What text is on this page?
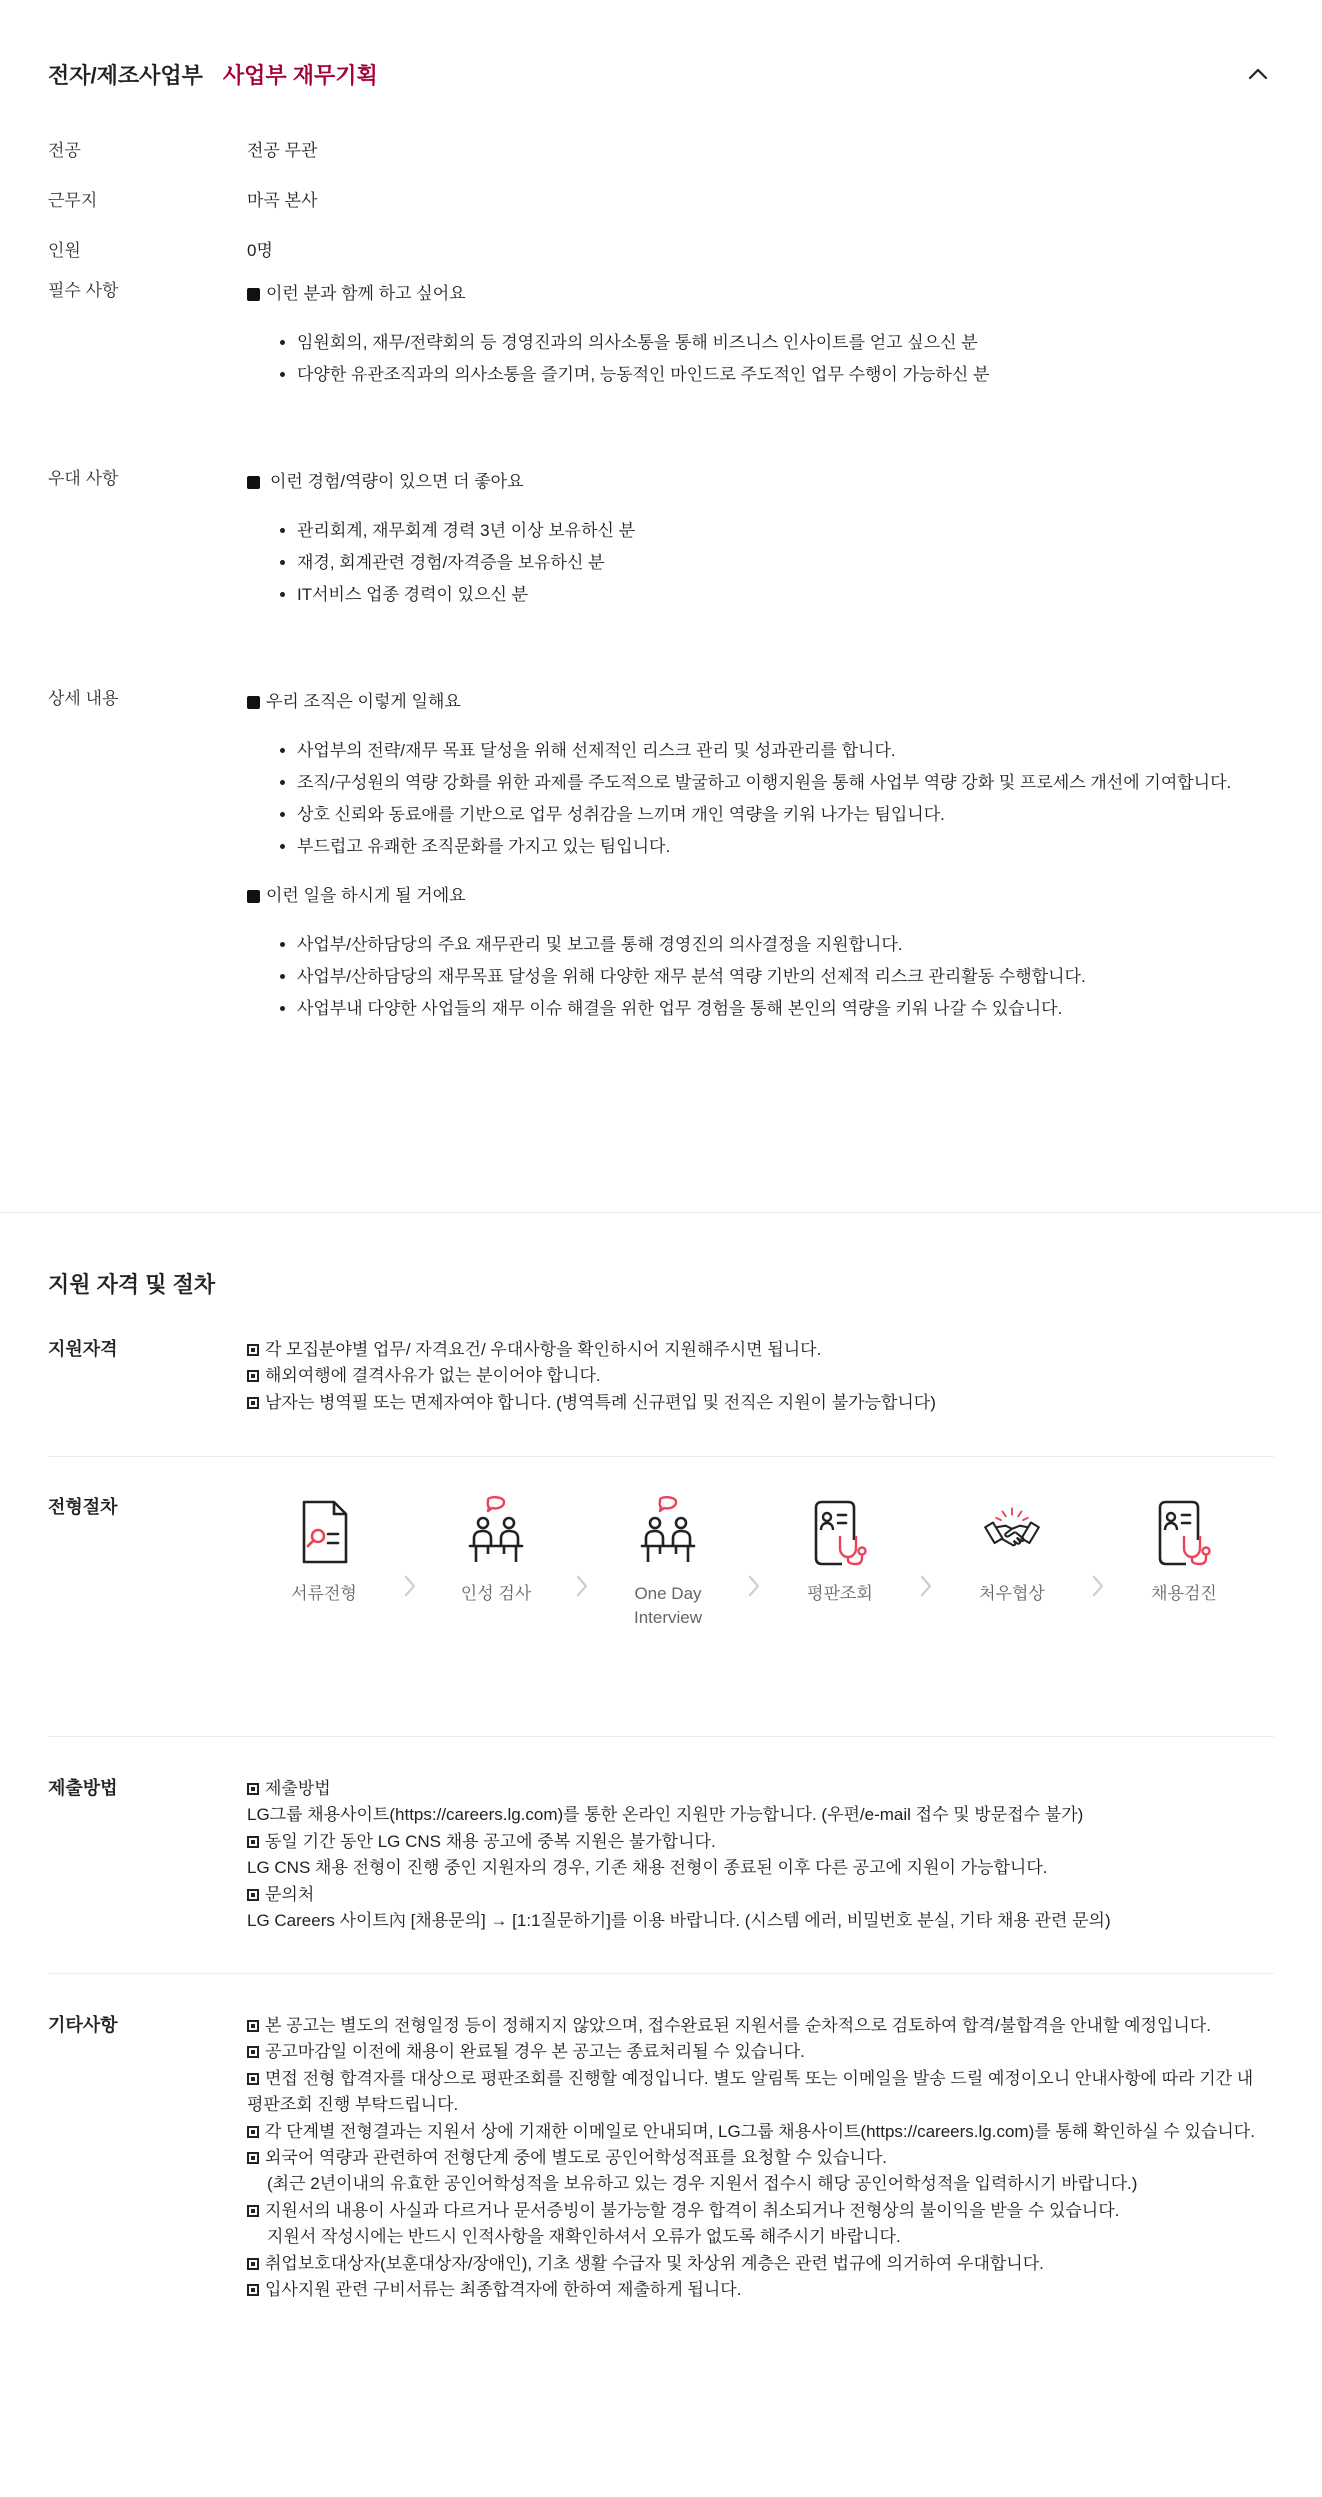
전자/제조사업부 사업부 재무기획
전공	전공 무관
근무지	마곡 본사
인원	0명
필수 사항	이런 분과 함께 하고 싶어요
• 임원회의, 재무/전략회의 등 경영진과의 의사소통을 통해 비즈니스 인사이트를 얻고 싶으신 분
• 다양한 유관조직과의 의사소통을 즐기며, 능동적인 마인드로 주도적인 업무 수행이 가능하신 분
우대 사항	이런 경험/역량이 있으면 더 좋아요
• 관리회계, 재무회계 경력 3년 이상 보유하신 분
• 재경, 회계관련 경험/자격증을 보유하신 분
• IT서비스 업종 경력이 있으신 분
상세 내용	우리 조직은 이렇게 일해요
• 사업부의 전략/재무 목표 달성을 위해 선제적인 리스크 관리 및 성과관리를 합니다.
• 조직/구성원의 역량 강화를 위한 과제를 주도적으로 발굴하고 이행지원을 통해 사업부 역량 강화 및 프로세스 개선에 기여합니다.
• 상호 신뢰와 동료애를 기반으로 업무 성취감을 느끼며 개인 역량을 키워 나가는 팀입니다.
• 부드럽고 유쾌한 조직문화를 가지고 있는 팀입니다.
이런 일을 하시게 될 거에요
• 사업부/산하담당의 주요 재무관리 및 보고를 통해 경영진의 의사결정을 지원합니다.
• 사업부/산하담당의 재무목표 달성을 위해 다양한 재무 분석 역량 기반의 선제적 리스크 관리활동 수행합니다.
• 사업부내 다양한 사업들의 재무 이슈 해결을 위한 업무 경험을 통해 본인의 역량을 키워 나갈 수 있습니다.
지원 자격 및 절차
지원자격	각 모집분야별 업무/ 자격요건/ 우대사항을 확인하시어 지원해주시면 됩니다.
해외여행에 결격사유가 없는 분이어야 합니다.
남자는 병역필 또는 면제자여야 합니다. (병역특례 신규편입 및 전직은 지원이 불가능합니다)
전형절차
서류전형	인성 검사	One Day Interview
평판조회	처우협상	채용검진
제출방법	제출방법
LG그룹 채용사이트(https://careers.lg.com)를 통한 온라인 지원만 가능합니다. (우편/e-mail 접수 및 방문접수 불가)
동일 기간 동안 LG CNS 채용 공고에 중복 지원은 불가합니다.
LG CNS 채용 전형이 진행 중인 지원자의 경우, 기존 채용 전형이 종료된 이후 다른 공고에 지원이 가능합니다.
문의처
LG Careers 사이트內 [채용문의] → [1:1질문하기]를 이용 바랍니다. (시스템 에러, 비밀번호 분실, 기타 채용 관련 문의)
기타사항	본 공고는 별도의 전형일정 등이 정해지지 않았으며, 접수완료된 지원서를 순차적으로 검토하여 합격/불합격을 안내할 예정입니다.
공고마감일 이전에 채용이 완료될 경우 본 공고는 종료처리될 수 있습니다.
면접 전형 합격자를 대상으로 평판조회를 진행할 예정입니다. 별도 알림톡 또는 이메일을 발송 드릴 예정이오니 안내사항에 따라 기간 내 평판조회 진행 부탁드립니다.
각 단계별 전형결과는 지원서 상에 기재한 이메일로 안내되며, LG그룹 채용사이트(https://careers.lg.com)를 통해 확인하실 수 있습니다.
외국어 역량과 관련하여 전형단계 중에 별도로 공인어학성적표를 요청할 수 있습니다.
(최근 2년이내의 유효한 공인어학성적을 보유하고 있는 경우 지원서 접수시 해당 공인어학성적을 입력하시기 바랍니다.)
지원서의 내용이 사실과 다르거나 문서증빙이 불가능할 경우 합격이 취소되거나 전형상의 불이익을 받을 수 있습니다.
지원서 작성시에는 반드시 인적사항을 재확인하셔서 오류가 없도록 해주시기 바랍니다.
취업보호대상자(보훈대상자/장애인), 기초 생활 수급자 및 차상위 계층은 관련 법규에 의거하여 우대합니다.
입사지원 관련 구비서류는 최종합격자에 한하여 제출하게 됩니다.
